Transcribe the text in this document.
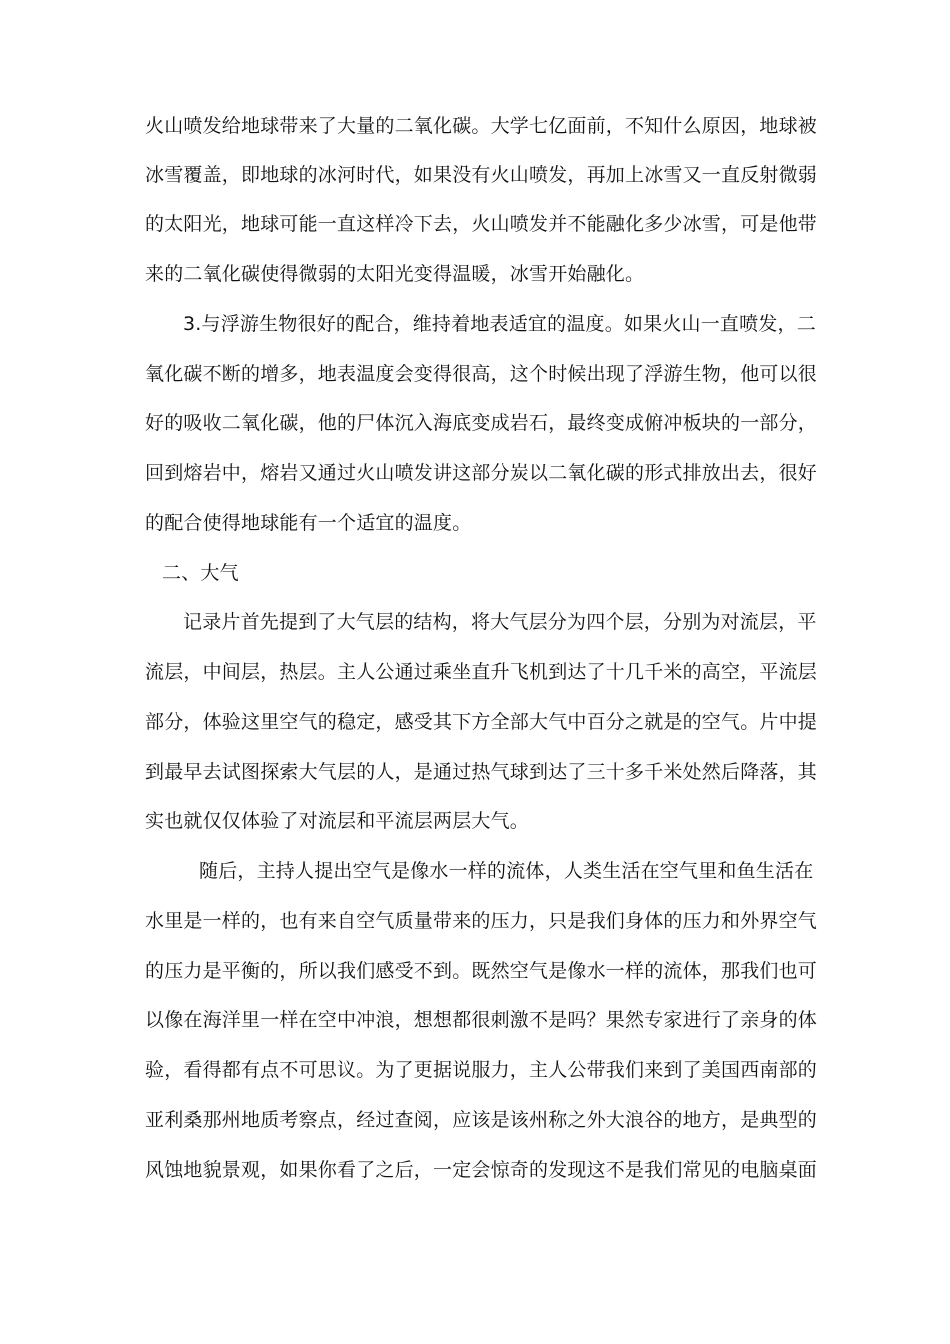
火山喷发给地球带来了大量的二氧化碳。大学七亿面前，不知什么原因，地球被
冰雪覆盖，即地球的冰河时代，如果没有火山喷发，再加上冰雪又一直反射微弱
的太阳光，地球可能一直这样冷下去，火山喷发并不能融化多少冰雪，可是他带
来的二氧化碳使得微弱的太阳光变得温暖，冰雪开始融化。
3.与浮游生物很好的配合，维持着地表适宜的温度。如果火山一直喷发，二
氧化碳不断的增多，地表温度会变得很高，这个时候出现了浮游生物，他可以很
好的吸收二氧化碳，他的尸体沉入海底变成岩石，最终变成俯冲板块的一部分，
回到熔岩中，熔岩又通过火山喷发讲这部分炭以二氧化碳的形式排放出去，很好
的配合使得地球能有一个适宜的温度。
二、大气
记录片首先提到了大气层的结构，将大气层分为四个层，分别为对流层，平
流层，中间层，热层。主人公通过乘坐直升飞机到达了十几千米的高空，平流层
部分，体验这里空气的稳定，感受其下方全部大气中百分之就是的空气。片中提
到最早去试图探索大气层的人，是通过热气球到达了三十多千米处然后降落，其
实也就仅仅体验了对流层和平流层两层大气。
随后，主持人提出空气是像水一样的流体，人类生活在空气里和鱼生活在
水里是一样的，也有来自空气质量带来的压力，只是我们身体的压力和外界空气
的压力是平衡的，所以我们感受不到。既然空气是像水一样的流体，那我们也可
以像在海洋里一样在空中冲浪，想想都很刺激不是吗？果然专家进行了亲身的体
验，看得都有点不可思议。为了更据说服力，主人公带我们来到了美国西南部的
亚利桑那州地质考察点，经过查阅，应该是该州称之外大浪谷的地方，是典型的
风蚀地貌景观，如果你看了之后，一定会惊奇的发现这不是我们常见的电脑桌面
